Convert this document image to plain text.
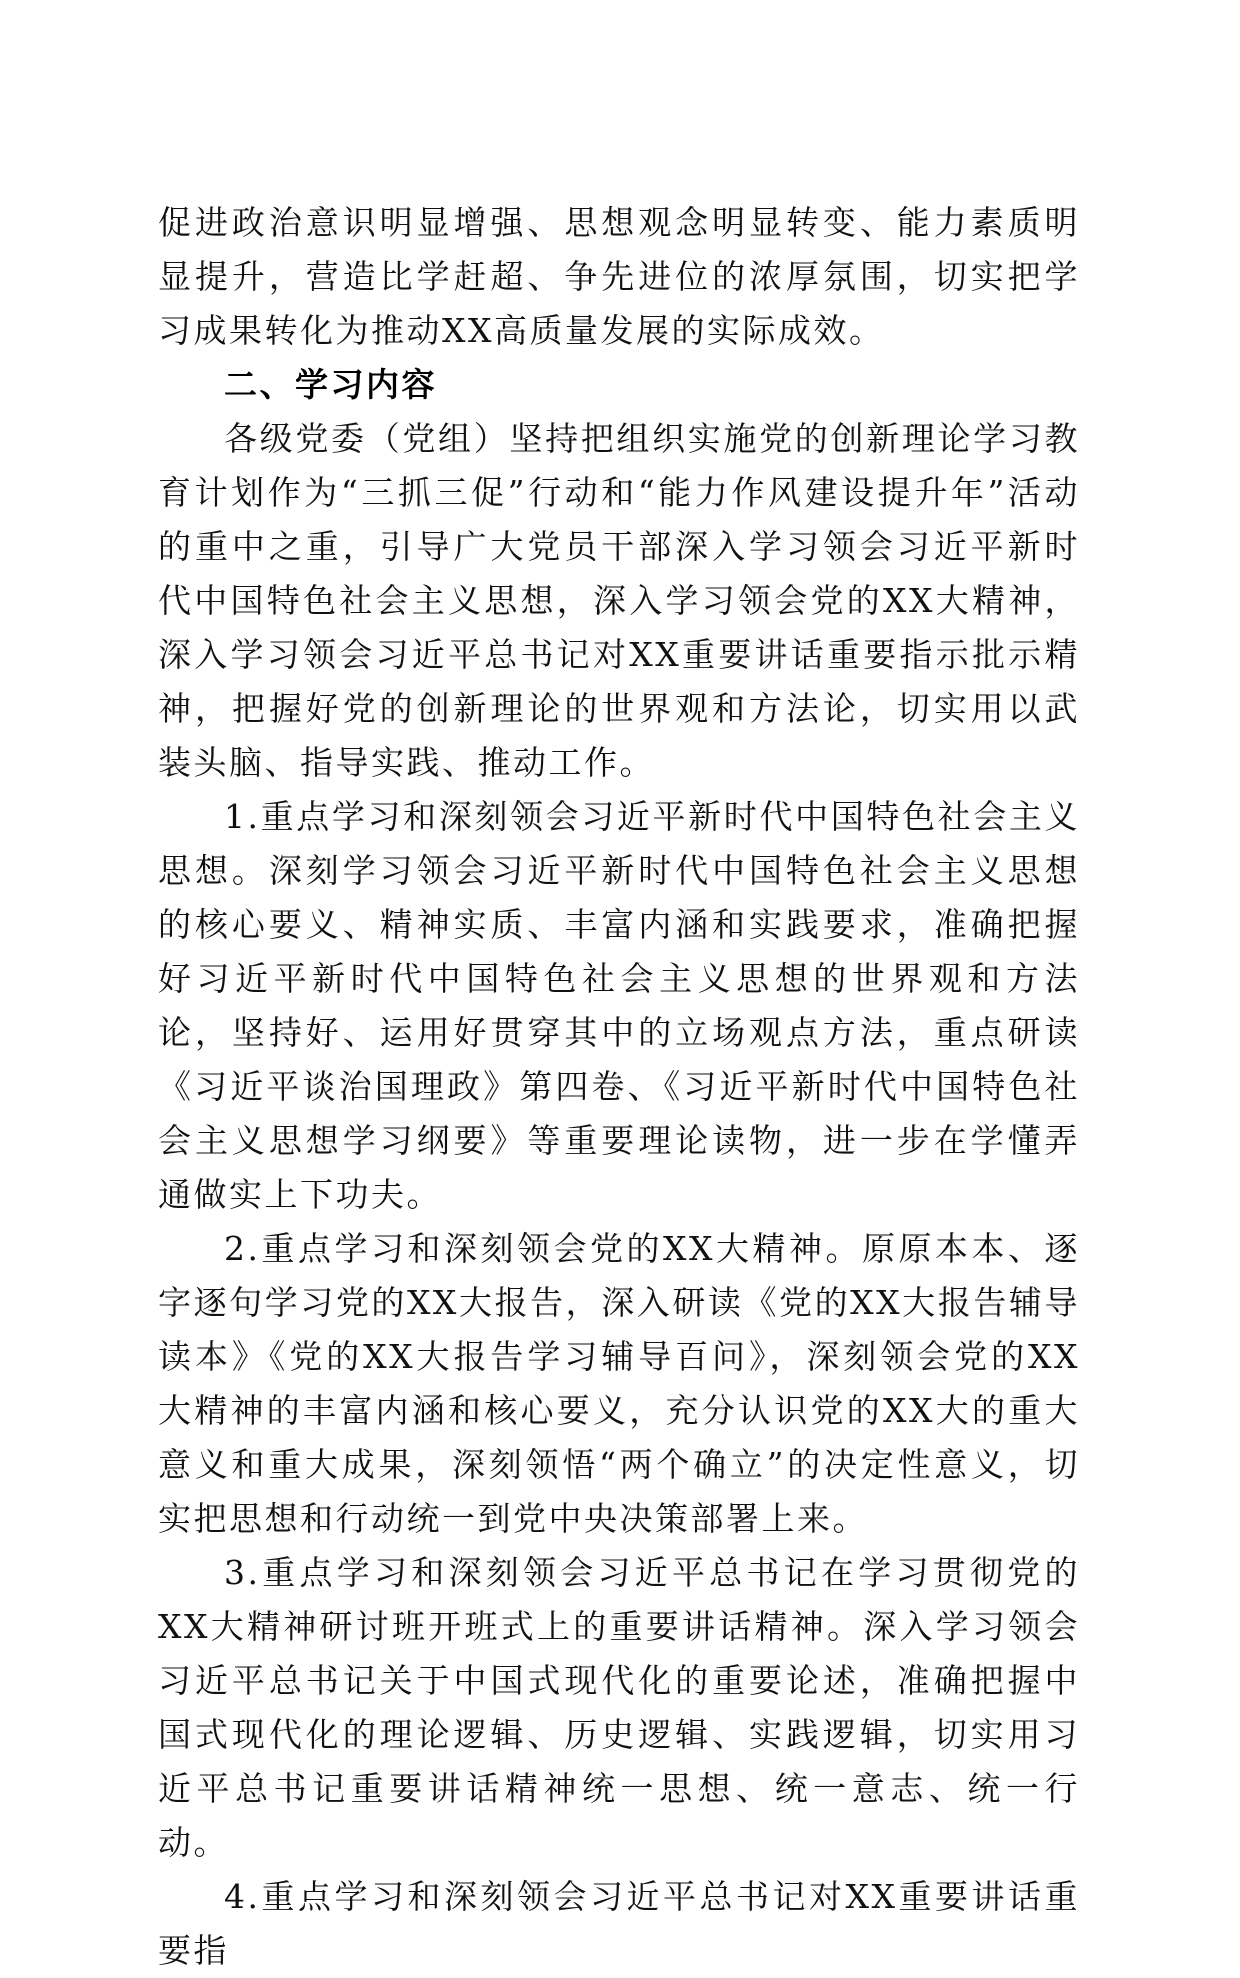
促进政治意识明显增强、思想观念明显转变、能力素质明显提升，营造比学赶超、争先进位的浓厚氛围，切实把学习成果转化为推动XX高质量发展的实际成效。

二、学习内容

各级党委（党组）坚持把组织实施党的创新理论学习教育计划作为“三抓三促”行动和“能力作风建设提升年”活动的重中之重，引导广大党员干部深入学习领会习近平新时代中国特色社会主义思想，深入学习领会党的XX大精神，深入学习领会习近平总书记对XX重要讲话重要指示批示精神，把握好党的创新理论的世界观和方法论，切实用以武装头脑、指导实践、推动工作。

1.重点学习和深刻领会习近平新时代中国特色社会主义思想。深刻学习领会习近平新时代中国特色社会主义思想的核心要义、精神实质、丰富内涵和实践要求，准确把握好习近平新时代中国特色社会主义思想的世界观和方法论，坚持好、运用好贯穿其中的立场观点方法，重点研读《习近平谈治国理政》第四卷、《习近平新时代中国特色社会主义思想学习纲要》等重要理论读物，进一步在学懂弄通做实上下功夫。

2.重点学习和深刻领会党的XX大精神。原原本本、逐字逐句学习党的XX大报告，深入研读《党的XX大报告辅导读本》《党的XX大报告学习辅导百问》，深刻领会党的XX大精神的丰富内涵和核心要义，充分认识党的XX大的重大意义和重大成果，深刻领悟“两个确立”的决定性意义，切实把思想和行动统一到党中央决策部署上来。

3.重点学习和深刻领会习近平总书记在学习贯彻党的XX大精神研讨班开班式上的重要讲话精神。深入学习领会习近平总书记关于中国式现代化的重要论述，准确把握中国式现代化的理论逻辑、历史逻辑、实践逻辑，切实用习近平总书记重要讲话精神统一思想、统一意志、统一行动。

4.重点学习和深刻领会习近平总书记对XX重要讲话重要指
